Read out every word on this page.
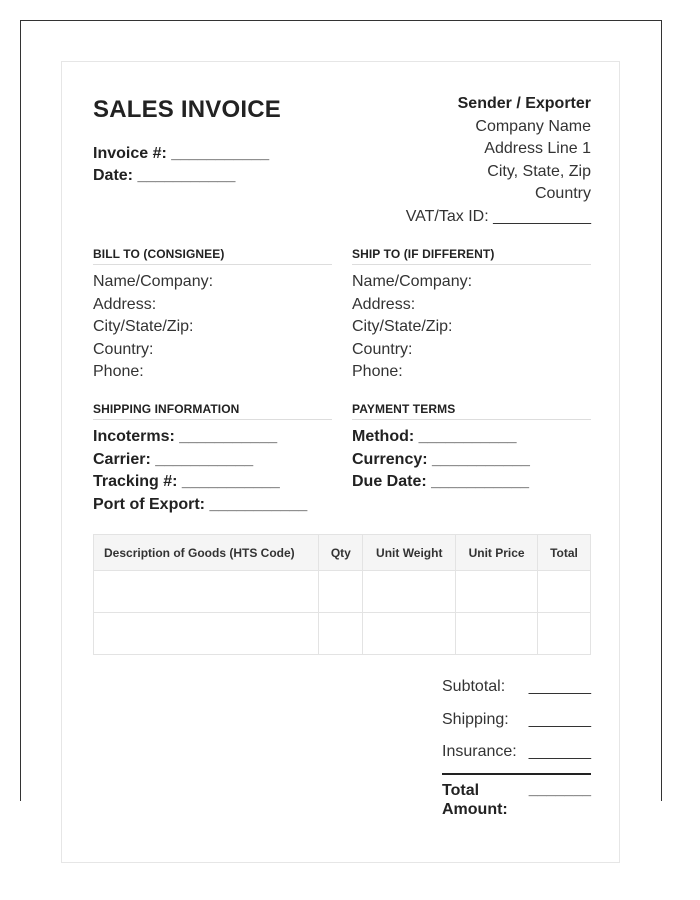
SALES INVOICE
Invoice #: ___________
Date: ___________
Sender / Exporter
Company Name
Address Line 1
City, State, Zip
Country
VAT/Tax ID: ___________
BILL TO (CONSIGNEE)
Name/Company:
Address:
City/State/Zip:
Country:
Phone:
SHIP TO (IF DIFFERENT)
Name/Company:
Address:
City/State/Zip:
Country:
Phone:
SHIPPING INFORMATION
Incoterms: ___________
Carrier: ___________
Tracking #: ___________
Port of Export: ___________
PAYMENT TERMS
Method: ___________
Currency: ___________
Due Date: ___________
Description of Goods (HTS Code)	Qty	Unit Weight	Unit Price	Total

Subtotal: _______
Shipping: _______
Insurance: _______
Total Amount:
_______
